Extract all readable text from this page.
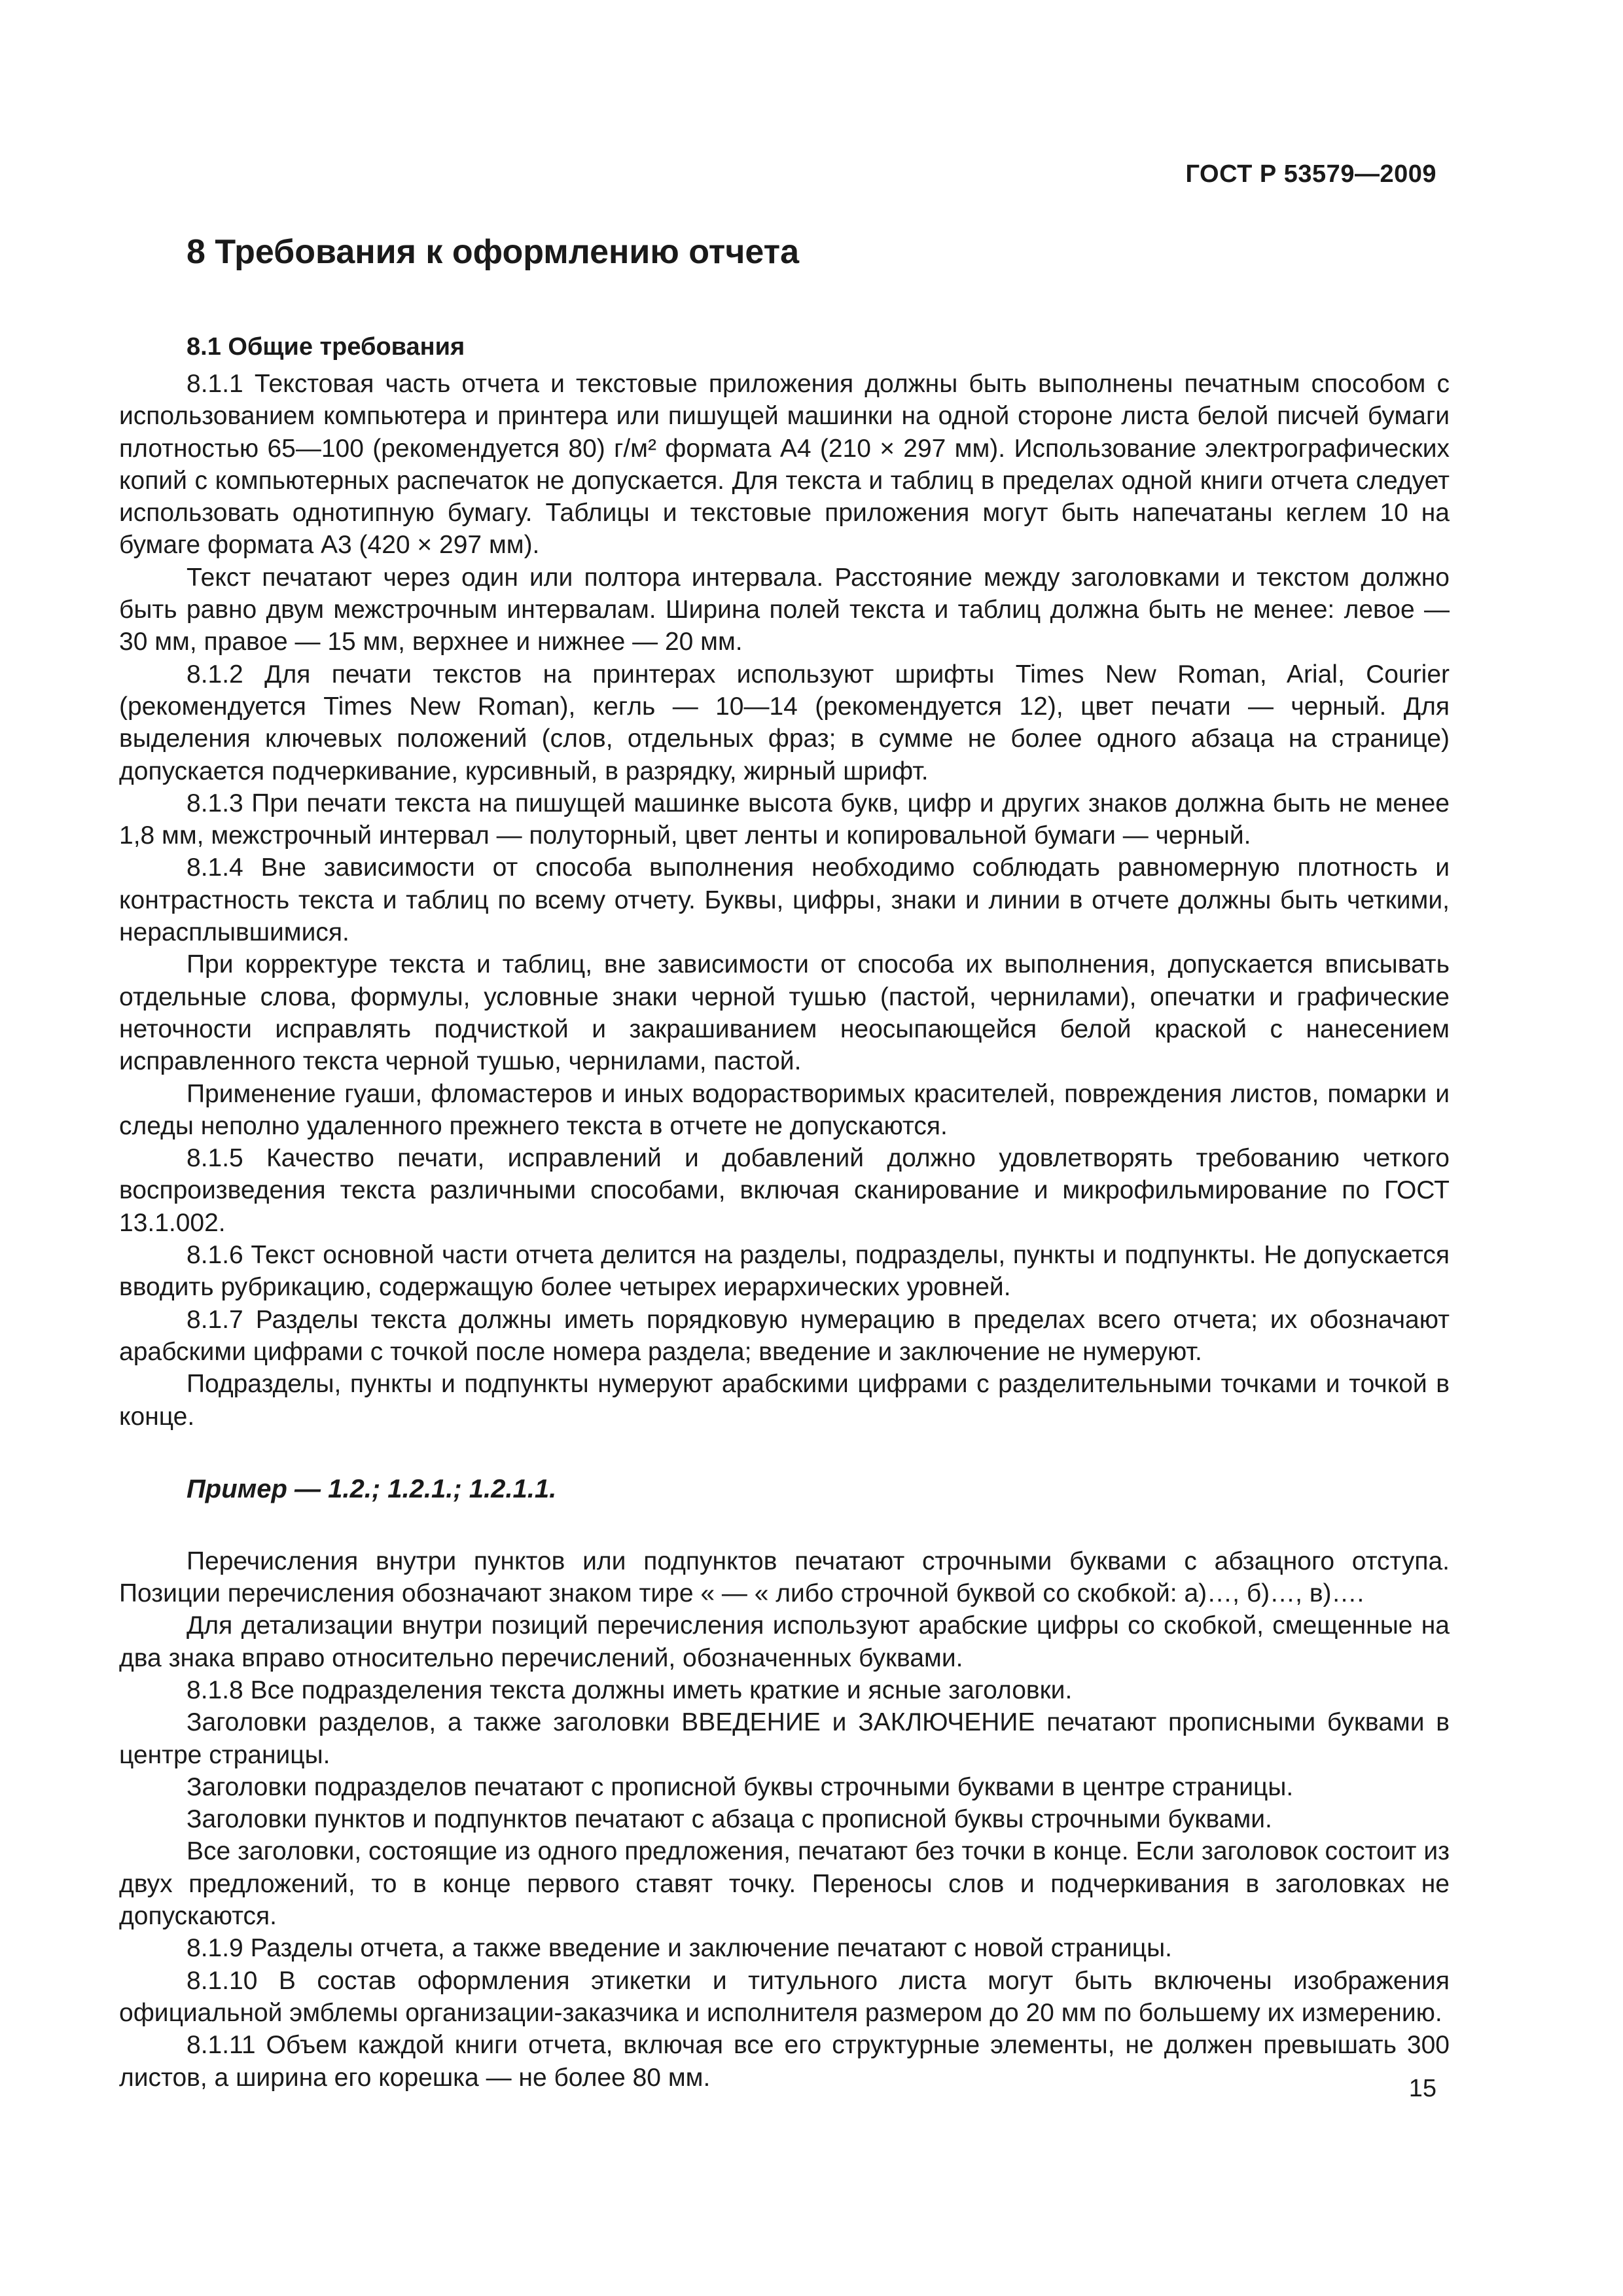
ГОСТ Р 53579—2009
8 Требования к оформлению отчета
8.1 Общие требования

8.1.1 Текстовая часть отчета и текстовые приложения должны быть выполнены печатным способом с использованием компьютера и принтера или пишущей машинки на одной стороне листа белой писчей бумаги плотностью 65—100 (рекомендуется 80) г/м² формата А4 (210 × 297 мм). Использование электрографических копий с компьютерных распечаток не допускается. Для текста и таблиц в пределах одной книги отчета следует использовать однотипную бумагу. Таблицы и текстовые приложения могут быть напечатаны кеглем 10 на бумаге формата А3 (420 × 297 мм).

Текст печатают через один или полтора интервала. Расстояние между заголовками и текстом должно быть равно двум межстрочным интервалам. Ширина полей текста и таблиц должна быть не менее: левое — 30 мм, правое — 15 мм, верхнее и нижнее — 20 мм.

8.1.2 Для печати текстов на принтерах используют шрифты Times New Roman, Arial, Courier (рекомендуется Times New Roman), кегль — 10—14 (рекомендуется 12), цвет печати — черный. Для выделения ключевых положений (слов, отдельных фраз; в сумме не более одного абзаца на странице) допускается подчеркивание, курсивный, в разрядку, жирный шрифт.

8.1.3 При печати текста на пишущей машинке высота букв, цифр и других знаков должна быть не менее 1,8 мм, межстрочный интервал — полуторный, цвет ленты и копировальной бумаги — черный.

8.1.4 Вне зависимости от способа выполнения необходимо соблюдать равномерную плотность и контрастность текста и таблиц по всему отчету. Буквы, цифры, знаки и линии в отчете должны быть четкими, нерасплывшимися.

При корректуре текста и таблиц, вне зависимости от способа их выполнения, допускается вписывать отдельные слова, формулы, условные знаки черной тушью (пастой, чернилами), опечатки и графические неточности исправлять подчисткой и закрашиванием неосыпающейся белой краской с нанесением исправленного текста черной тушью, чернилами, пастой.

Применение гуаши, фломастеров и иных водорастворимых красителей, повреждения листов, помарки и следы неполно удаленного прежнего текста в отчете не допускаются.

8.1.5 Качество печати, исправлений и добавлений должно удовлетворять требованию четкого воспроизведения текста различными способами, включая сканирование и микрофильмирование по ГОСТ 13.1.002.

8.1.6 Текст основной части отчета делится на разделы, подразделы, пункты и подпункты. Не допускается вводить рубрикацию, содержащую более четырех иерархических уровней.

8.1.7 Разделы текста должны иметь порядковую нумерацию в пределах всего отчета; их обозначают арабскими цифрами с точкой после номера раздела; введение и заключение не нумеруют.

Подразделы, пункты и подпункты нумеруют арабскими цифрами с разделительными точками и точкой в конце.

Пример — 1.2.; 1.2.1.; 1.2.1.1.

Перечисления внутри пунктов или подпунктов печатают строчными буквами с абзацного отступа. Позиции перечисления обозначают знаком тире « — « либо строчной буквой со скобкой: а)…, б)…, в)….

Для детализации внутри позиций перечисления используют арабские цифры со скобкой, смещенные на два знака вправо относительно перечислений, обозначенных буквами.

8.1.8 Все подразделения текста должны иметь краткие и ясные заголовки.

Заголовки разделов, а также заголовки ВВЕДЕНИЕ и ЗАКЛЮЧЕНИЕ печатают прописными буквами в центре страницы.

Заголовки подразделов печатают с прописной буквы строчными буквами в центре страницы.

Заголовки пунктов и подпунктов печатают с абзаца с прописной буквы строчными буквами.

Все заголовки, состоящие из одного предложения, печатают без точки в конце. Если заголовок состоит из двух предложений, то в конце первого ставят точку. Переносы слов и подчеркивания в заголовках не допускаются.

8.1.9 Разделы отчета, а также введение и заключение печатают с новой страницы.

8.1.10 В состав оформления этикетки и титульного листа могут быть включены изображения официальной эмблемы организации-заказчика и исполнителя размером до 20 мм по большему их измерению.

8.1.11 Объем каждой книги отчета, включая все его структурные элементы, не должен превышать 300 листов, а ширина его корешка — не более 80 мм.	15
